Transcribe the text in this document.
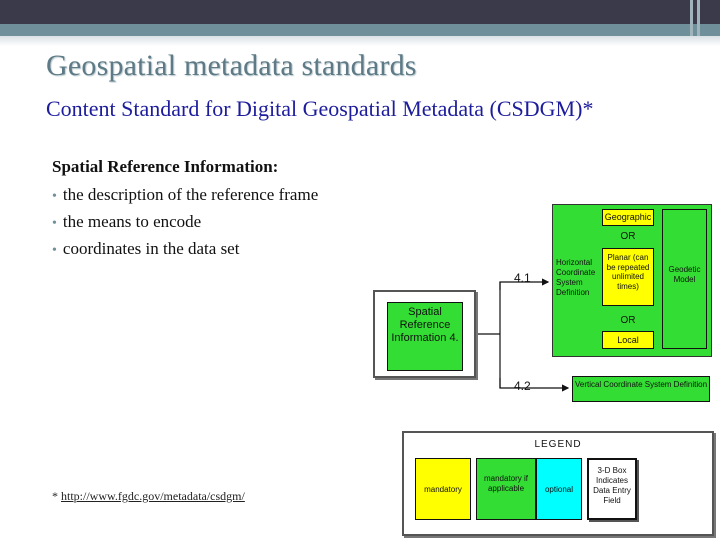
Geospatial metadata standards
Content Standard for Digital Geospatial Metadata (CSDGM)*
Spatial Reference Information:
• the description of the reference frame
• the means to encode
• coordinates in the data set
* http://www.fgdc.gov/metadata/csdgm/
Spatial Reference Information 4.
4.1
4.2
Horizontal Coordinate System Definition
Geographic
OR
Planar (can be repeated unlimited times)
OR
Local
Geodetic Model
Vertical Coordinate System Definition
LEGEND
mandatory
mandatory if applicable	optional
3-D Box Indicates Data Entry Field
